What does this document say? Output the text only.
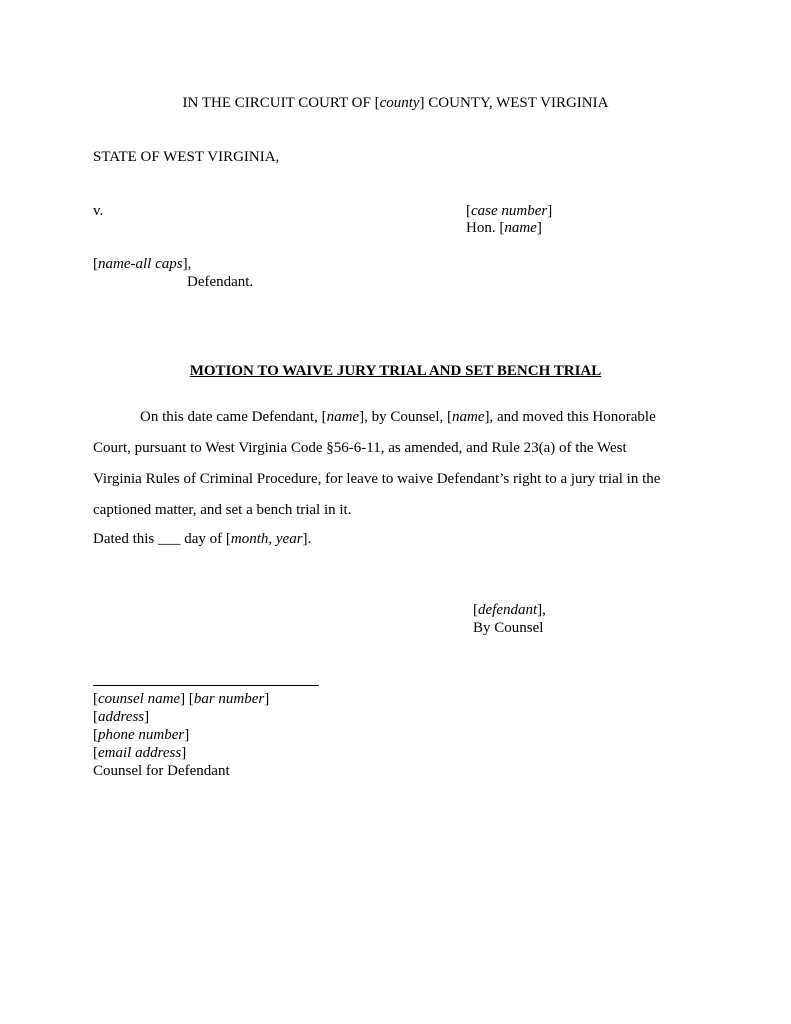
IN THE CIRCUIT COURT OF [county] COUNTY, WEST VIRGINIA
STATE OF WEST VIRGINIA,
v.	[case number]
Hon. [name]
[name-all caps],
Defendant.
MOTION TO WAIVE JURY TRIAL AND SET BENCH TRIAL
On this date came Defendant, [name], by Counsel, [name], and moved this Honorable
Court, pursuant to West Virginia Code §56-6-11, as amended, and Rule 23(a) of the West
Virginia Rules of Criminal Procedure, for leave to waive Defendant’s right to a jury trial in the
captioned matter, and set a bench trial in it.
Dated this ___ day of [month, year].
[defendant],
By Counsel
[counsel name] [bar number]
[address]
[phone number]
[email address]
Counsel for Defendant
